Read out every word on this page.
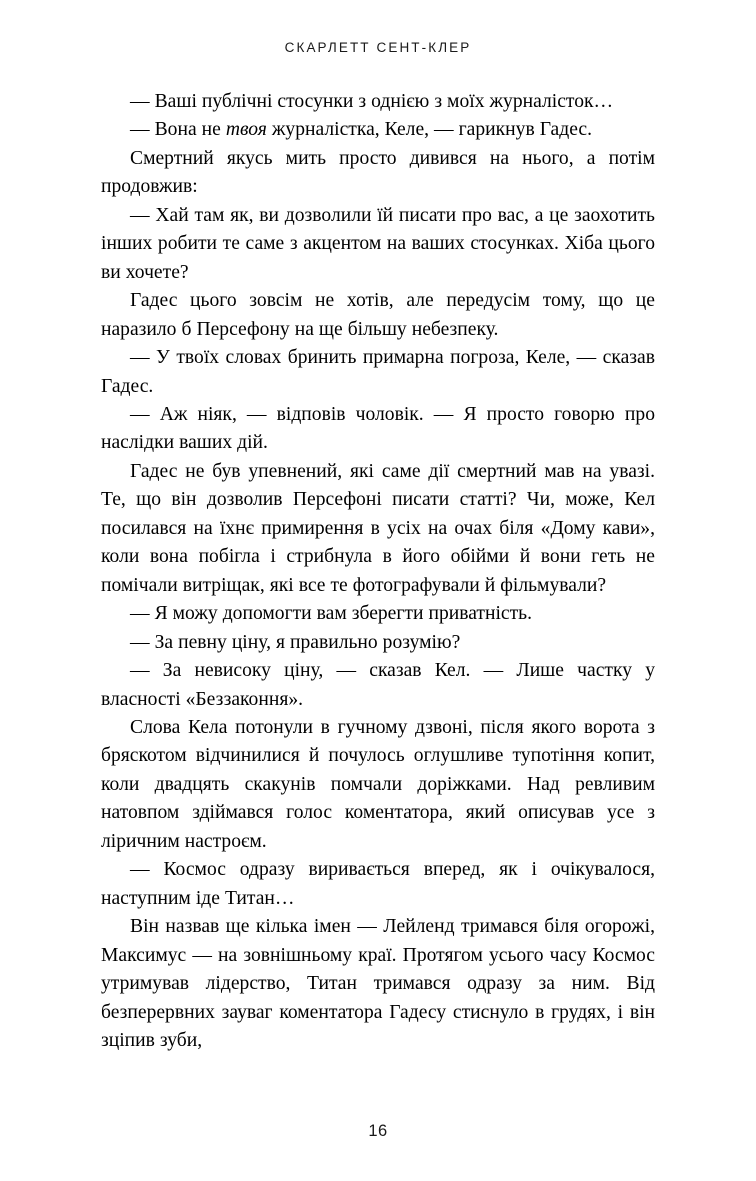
СКАРЛЕТТ СЕНТ-КЛЕР

— Ваші публічні стосунки з однією з моїх журналісток…

— Вона не твоя журналістка, Келе, — гарикнув Гадес.

Смертний якусь мить просто дивився на нього, а потім продовжив:

— Хай там як, ви дозволили їй писати про вас, а це заохотить інших робити те саме з акцентом на ваших стосунках. Хіба цього ви хочете?

Гадес цього зовсім не хотів, але передусім тому, що це наразило б Персефону на ще більшу небезпеку.

— У твоїх словах бринить примарна погроза, Келе, — сказав Гадес.

— Аж ніяк, — відповів чоловік. — Я просто говорю про наслідки ваших дій.

Гадес не був упевнений, які саме дії смертний мав на увазі. Те, що він дозволив Персефоні писати статті? Чи, може, Кел посилався на їхнє примирення в усіх на очах біля «Дому кави», коли вона побігла і стрибнула в його обійми й вони геть не помічали витріщак, які все те фотографували й фільмували?

— Я можу допомогти вам зберегти приватність.

— За певну ціну, я правильно розумію?

— За невисоку ціну, — сказав Кел. — Лише частку у власності «Беззаконня».

Слова Кела потонули в гучному дзвоні, після якого ворота з бряскотом відчинилися й почулось оглушливе тупотіння копит, коли двадцять скакунів помчали доріжками. Над ревливим натовпом здіймався голос коментатора, який описував усе з ліричним настроєм.

— Космос одразу виривається вперед, як і очікувалося, наступним іде Титан…

Він назвав ще кілька імен — Лейленд тримався біля огорожі, Максимус — на зовнішньому краї. Протягом усього часу Космос утримував лідерство, Титан тримався одразу за ним. Від безперервних зауваг коментатора Гадесу стиснуло в грудях, і він зціпив зуби,

16
